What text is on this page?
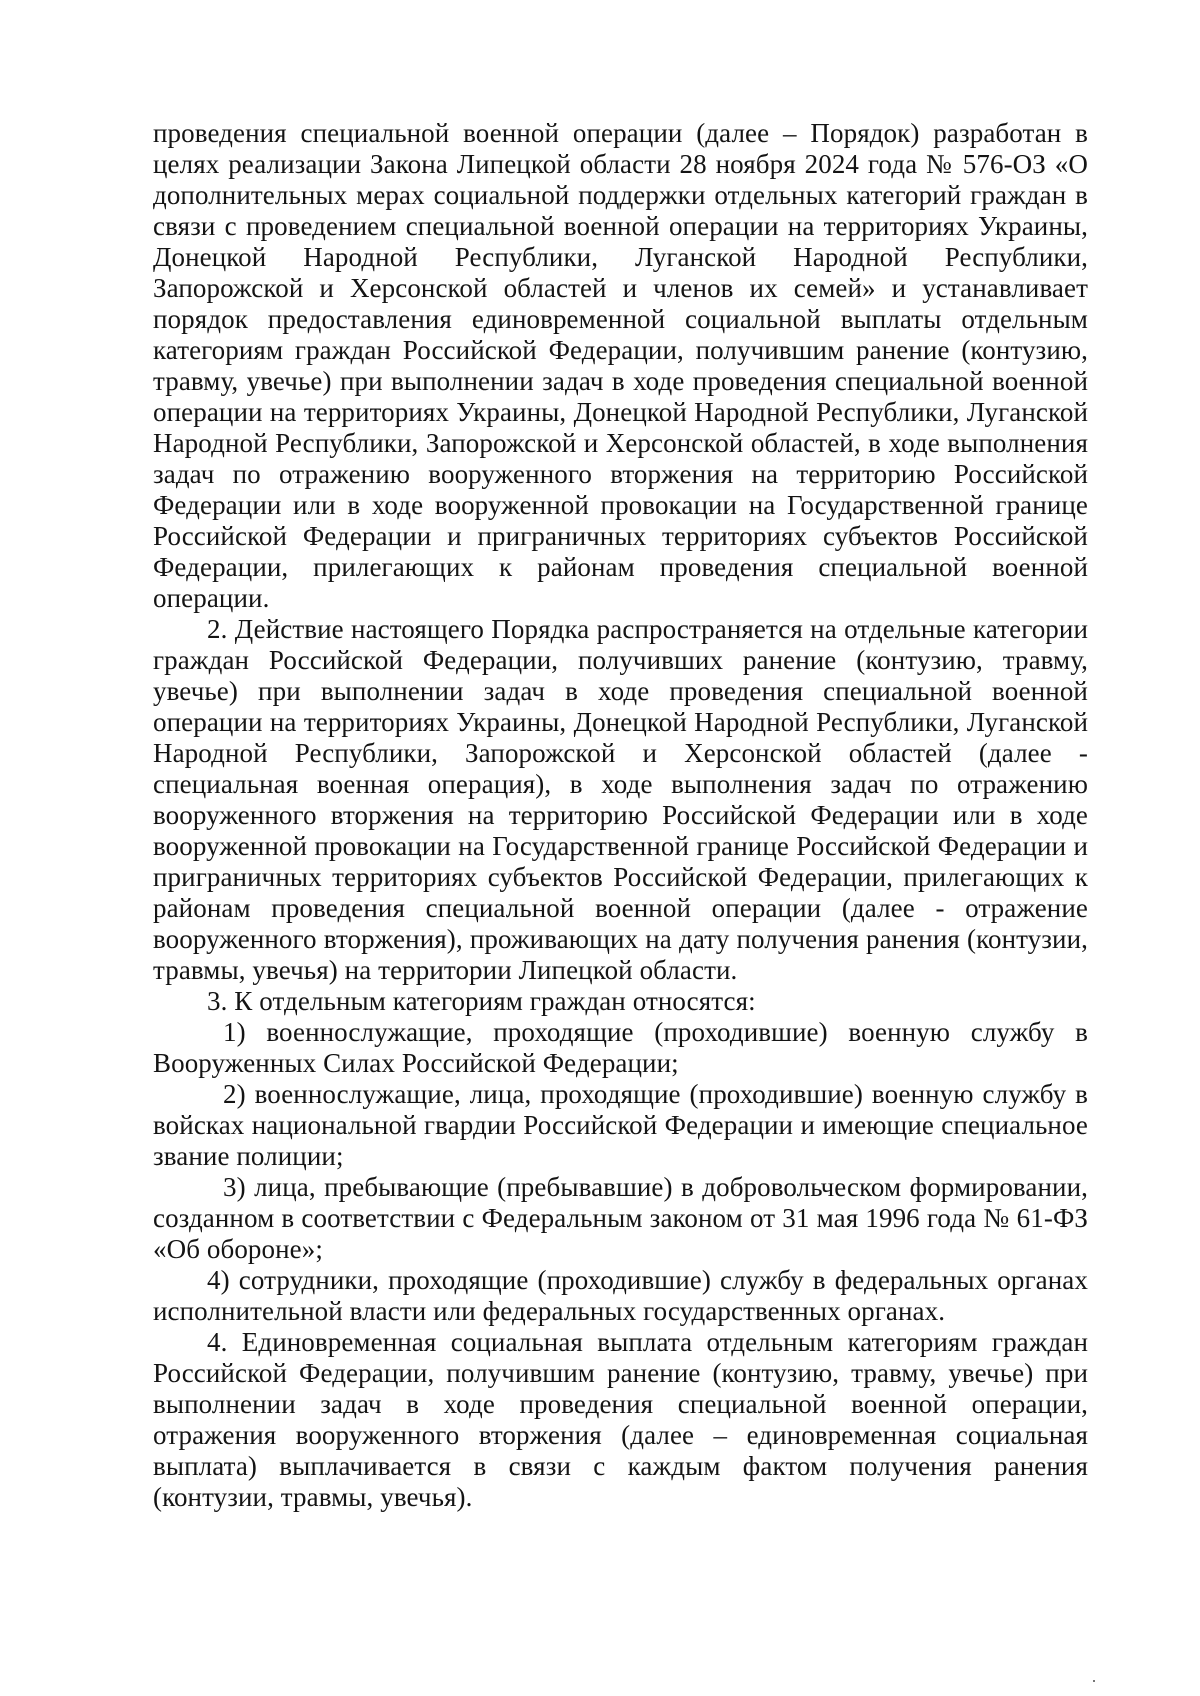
проведения специальной военной операции (далее – Порядок) разработан в целях реализации Закона Липецкой области 28 ноября 2024 года № 576-ОЗ «О дополнительных мерах социальной поддержки отдельных категорий граждан в связи с проведением специальной военной операции на территориях Украины, Донецкой Народной Республики, Луганской Народной Республики, Запорожской и Херсонской областей и членов их семей» и устанавливает порядок предоставления единовременной социальной выплаты отдельным категориям граждан Российской Федерации, получившим ранение (контузию, травму, увечье) при выполнении задач в ходе проведения специальной военной операции на территориях Украины, Донецкой Народной Республики, Луганской Народной Республики, Запорожской и Херсонской областей, в ходе выполнения задач по отражению вооруженного вторжения на территорию Российской Федерации или в ходе вооруженной провокации на Государственной границе Российской Федерации и приграничных территориях субъектов Российской Федерации, прилегающих к районам проведения специальной военной операции.

2. Действие настоящего Порядка распространяется на отдельные категории граждан Российской Федерации, получивших ранение (контузию, травму, увечье) при выполнении задач в ходе проведения специальной военной операции на территориях Украины, Донецкой Народной Республики, Луганской Народной Республики, Запорожской и Херсонской областей (далее - специальная военная операция), в ходе выполнения задач по отражению вооруженного вторжения на территорию Российской Федерации или в ходе вооруженной провокации на Государственной границе Российской Федерации и приграничных территориях субъектов Российской Федерации, прилегающих к районам проведения специальной военной операции (далее - отражение вооруженного вторжения), проживающих на дату получения ранения (контузии, травмы, увечья) на территории Липецкой области.

3. К отдельным категориям граждан относятся:

1) военнослужащие, проходящие (проходившие) военную службу в Вооруженных Силах Российской Федерации;

2) военнослужащие, лица, проходящие (проходившие) военную службу в войсках национальной гвардии Российской Федерации и имеющие специальное звание полиции;

3) лица, пребывающие (пребывавшие) в добровольческом формировании, созданном в соответствии с Федеральным законом от 31 мая 1996 года № 61-ФЗ «Об обороне»;

4) сотрудники, проходящие (проходившие) службу в федеральных органах исполнительной власти или федеральных государственных органах.

4. Единовременная социальная выплата отдельным категориям граждан Российской Федерации, получившим ранение (контузию, травму, увечье) при выполнении задач в ходе проведения специальной военной операции, отражения вооруженного вторжения (далее – единовременная социальная выплата) выплачивается в связи с каждым фактом получения ранения (контузии, травмы, увечья).
